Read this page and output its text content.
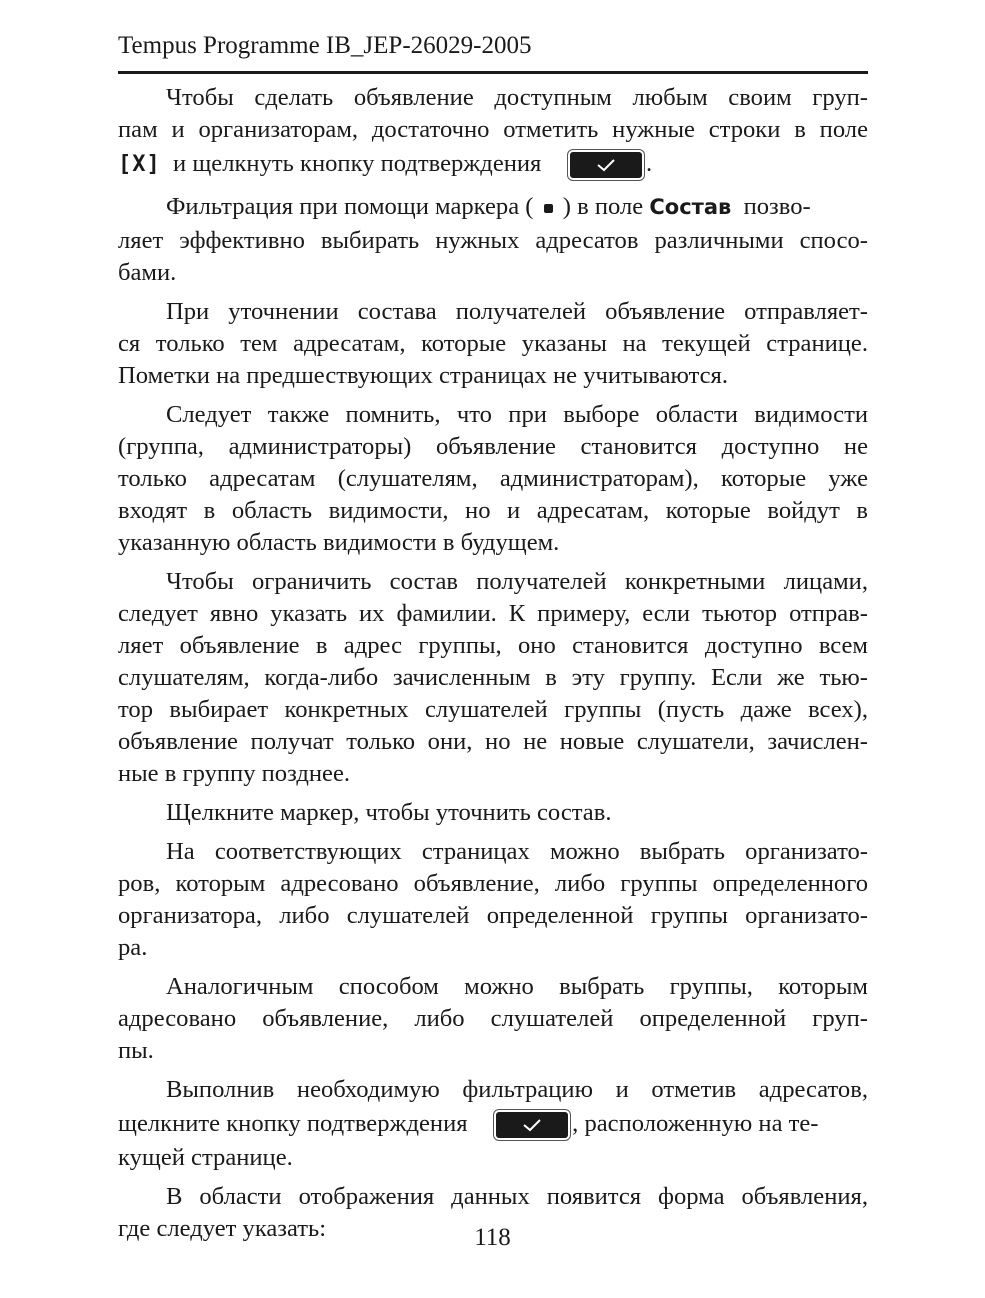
Tempus Programme IB_JEP-26029-2005
Чтобы сделать объявление доступным любым своим груп-
пам и организаторам, достаточно отметить нужные строки в поле
[X] и щелкнуть кнопку подтверждения	.
Фильтрация при помощи маркера ( ) в поле Состав позво-
ляет эффективно выбирать нужных адресатов различными спосо-
бами.
При уточнении состава получателей объявление отправляет-
ся только тем адресатам, которые указаны на текущей странице.
Пометки на предшествующих страницах не учитываются.
Следует также помнить, что при выборе области видимости
(группа, администраторы) объявление становится доступно не
только адресатам (слушателям, администраторам), которые уже
входят в область видимости, но и адресатам, которые войдут в
указанную область видимости в будущем.
Чтобы ограничить состав получателей конкретными лицами,
следует явно указать их фамилии. К примеру, если тьютор отправ-
ляет объявление в адрес группы, оно становится доступно всем
слушателям, когда-либо зачисленным в эту группу. Если же тью-
тор выбирает конкретных слушателей группы (пусть даже всех),
объявление получат только они, но не новые слушатели, зачислен-
ные в группу позднее.
Щелкните маркер, чтобы уточнить состав.
На соответствующих страницах можно выбрать организато-
ров, которым адресовано объявление, либо группы определенного
организатора, либо слушателей определенной группы организато-
ра.
Аналогичным способом можно выбрать группы, которым
адресовано объявление, либо слушателей определенной груп-
пы.
Выполнив необходимую фильтрацию и отметив адресатов,
щелкните кнопку подтверждения	, расположенную на те-
кущей странице.
В области отображения данных появится форма объявления,
где следует указать:	118
